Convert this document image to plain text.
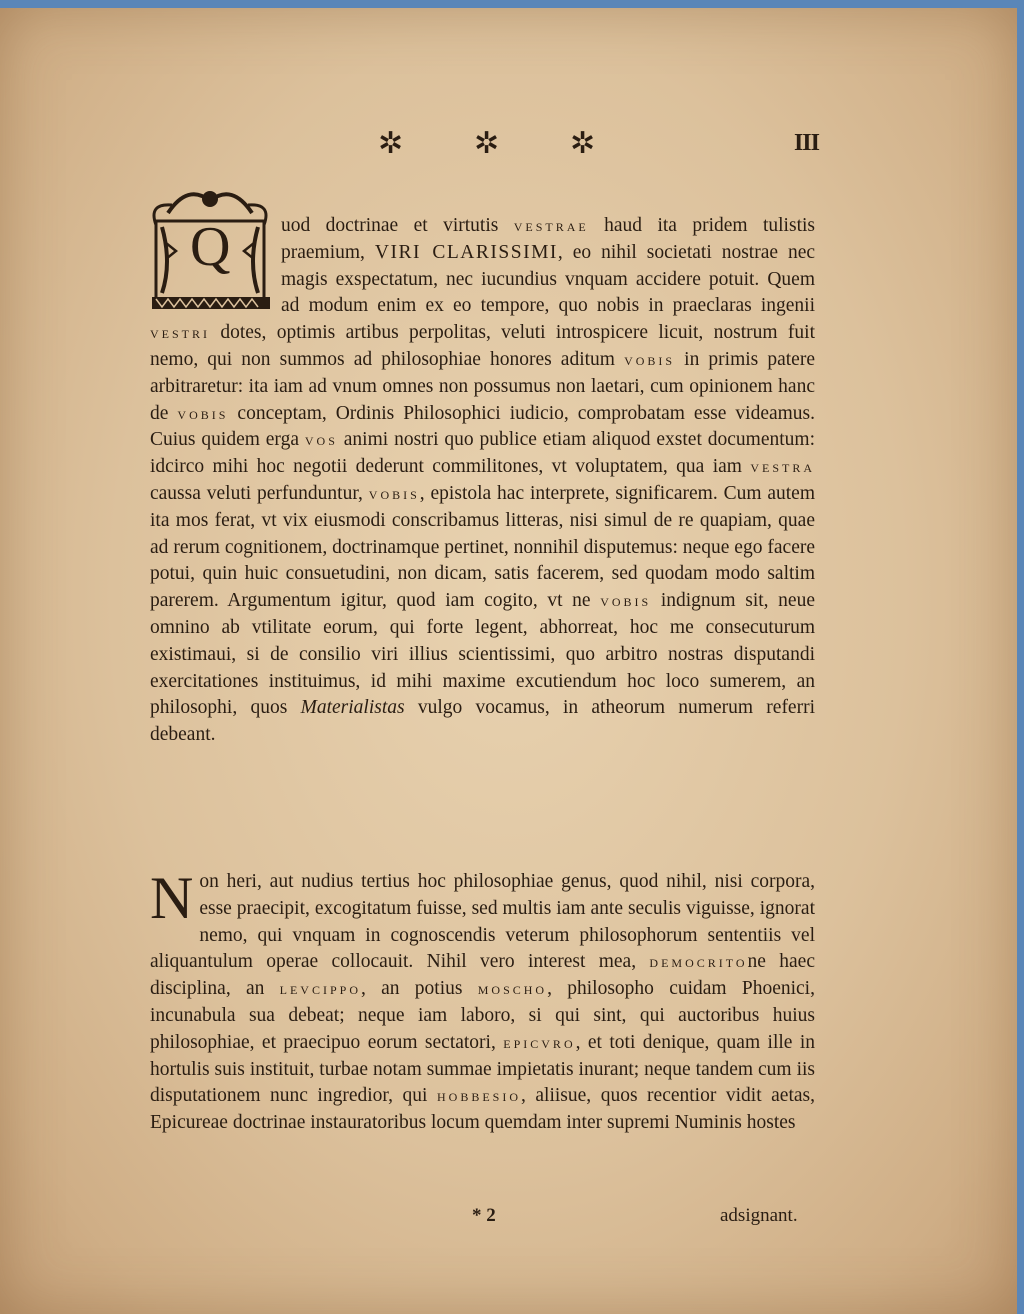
✲ ✲ ✲	III

Q	uod doctrinae et virtutis vestrae haud ita pridem tulistis praemium, VIRI CLARISSIMI, eo nihil societati nostrae nec magis exspectatum, nec iucundius vnquam accidere potuit. Quem ad modum enim ex eo tempore, quo nobis in praeclaras ingenii vestri dotes, optimis artibus perpolitas, veluti introspicere licuit, nostrum fuit nemo, qui non summos ad philosophiae honores aditum vobis in primis patere arbitraretur: ita iam ad vnum omnes non possumus non laetari, cum opinionem hanc de vobis conceptam, Ordinis Philosophici iudicio, comprobatam esse videamus. Cuius quidem erga vos animi nostri quo publice etiam aliquod exstet documentum: idcirco mihi hoc negotii dederunt commilitones, vt voluptatem, qua iam vestra caussa veluti perfunduntur, vobis, epistola hac interprete, significarem. Cum autem ita mos ferat, vt vix eiusmodi conscribamus litteras, nisi simul de re quapiam, quae ad rerum cognitionem, doctrinamque pertinet, nonnihil disputemus: neque ego facere potui, quin huic consuetudini, non dicam, satis facerem, sed quodam modo saltim parerem. Argumentum igitur, quod iam cogito, vt ne vobis indignum sit, neue omnino ab vtilitate eorum, qui forte legent, abhorreat, hoc me consecuturum existimaui, si de consilio viri illius scientissimi, quo arbitro nostras disputandi exercitationes instituimus, id mihi maxime excutiendum hoc loco sumerem, an philosophi, quos Materialistas vulgo vocamus, in atheorum numerum referri debeant.

N on heri, aut nudius tertius hoc philosophiae genus, quod nihil, nisi corpora, esse praecipit, excogitatum fuisse, sed multis iam ante seculis viguisse, ignorat nemo, qui vnquam in cognoscendis veterum philosophorum sententiis vel aliquantulum operae collocauit. Nihil vero interest mea, democritone haec disciplina, an levcippo, an potius moscho, philosopho cuidam Phoenici, incunabula sua debeat; neque iam laboro, si qui sint, qui auctoribus huius philosophiae, et praecipuo eorum sectatori, epicvro, et toti denique, quam ille in hortulis suis instituit, turbae notam summae impietatis inurant; neque tandem cum iis disputationem nunc ingredior, qui hobbesio, aliisue, quos recentior vidit aetas, Epicureae doctrinae instauratoribus locum quemdam inter supremi Numinis hostes

* 2	adsignant.
